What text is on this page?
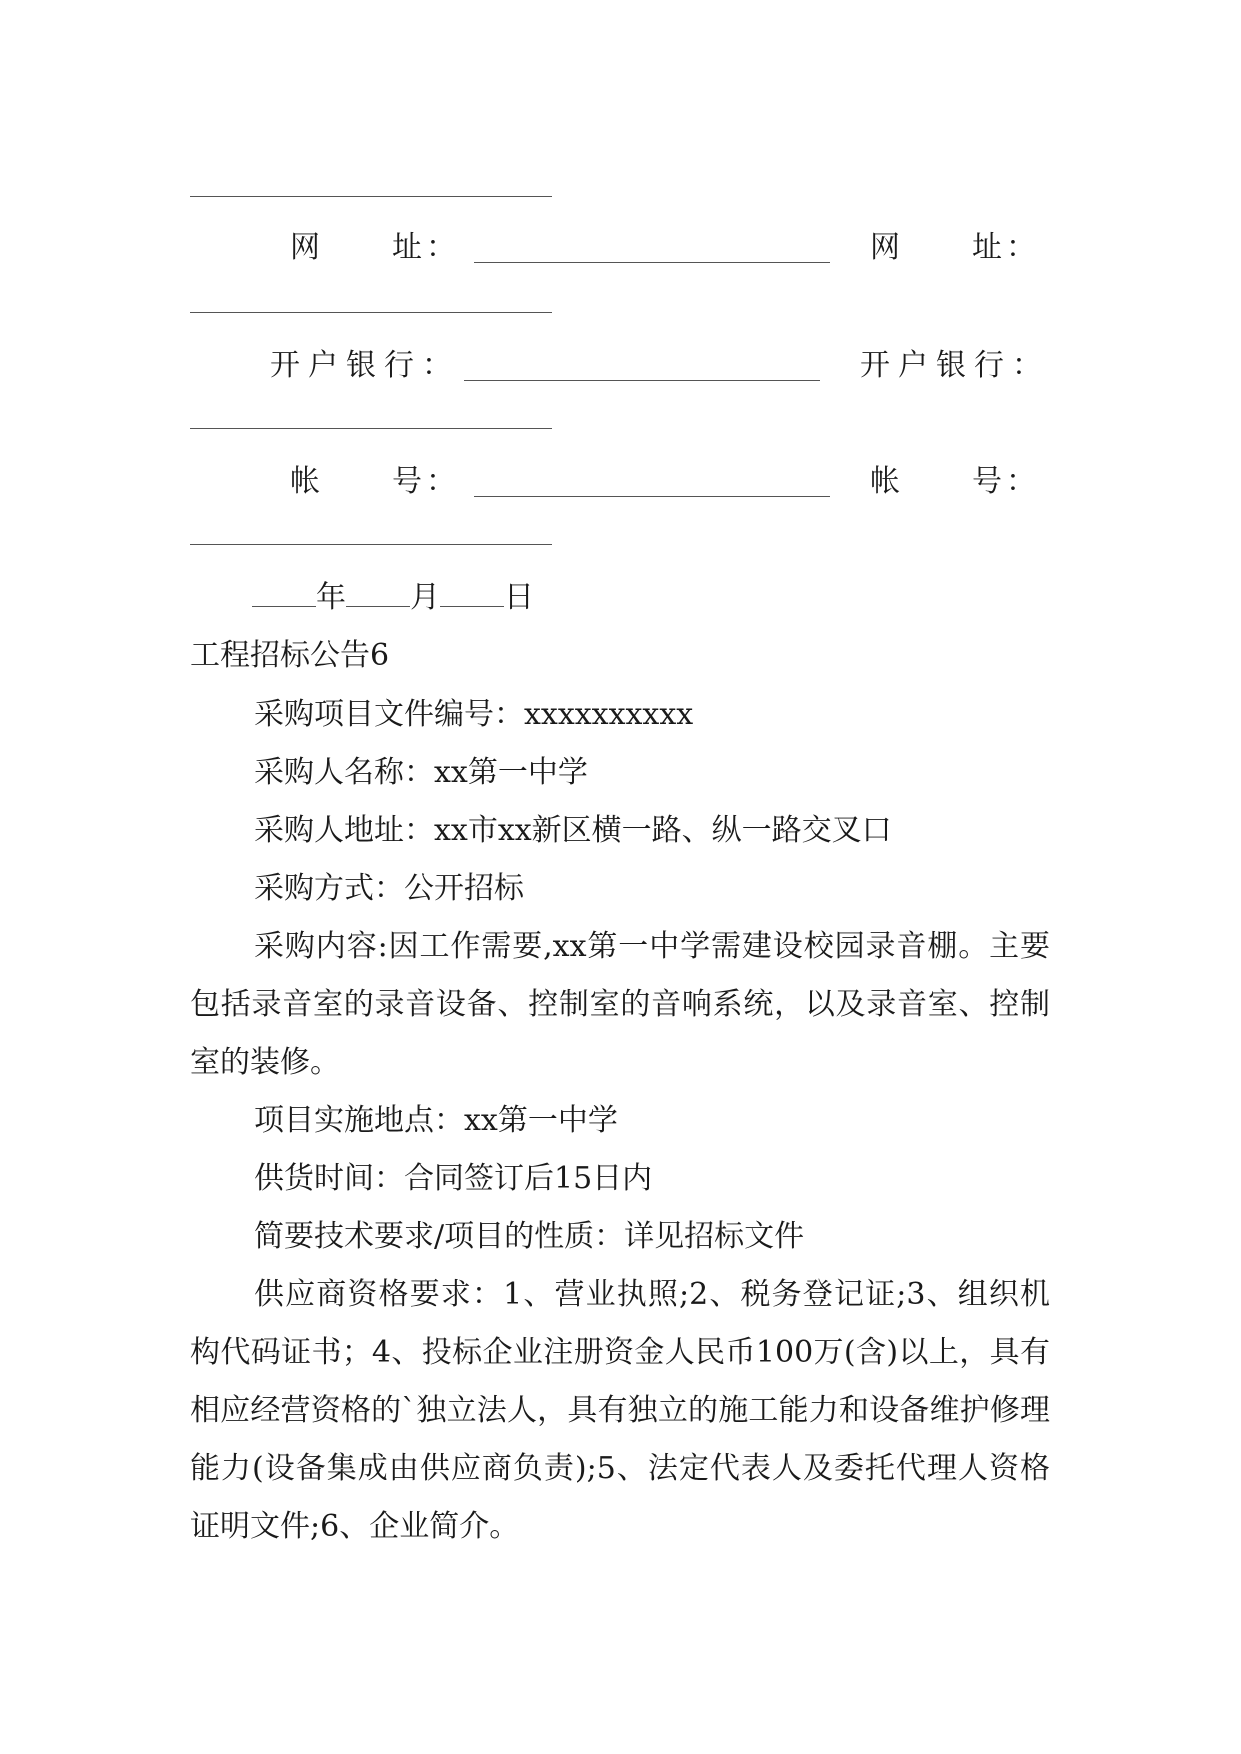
网　　址：	网　　址：
开户银行：	开户银行：
帐　　号：	帐　　号：
年 月 日
工程招标公告6
采购项目文件编号：xxxxxxxxxx
采购人名称：xx第一中学
采购人地址：xx市xx新区横一路、纵一路交叉口
采购方式：公开招标
采购内容:因工作需要,xx第一中学需建设校园录音棚。主要包括录音室的录音设备、控制室的音响系统，以及录音室、控制室的装修。
项目实施地点：xx第一中学
供货时间：合同签订后15日内
简要技术要求/项目的性质：详见招标文件
供应商资格要求：1、营业执照;2、税务登记证;3、组织机构代码证书；4、投标企业注册资金人民币100万(含)以上，具有相应经营资格的`独立法人，具有独立的施工能力和设备维护修理能力(设备集成由供应商负责);5、法定代表人及委托代理人资格证明文件;6、企业简介。
